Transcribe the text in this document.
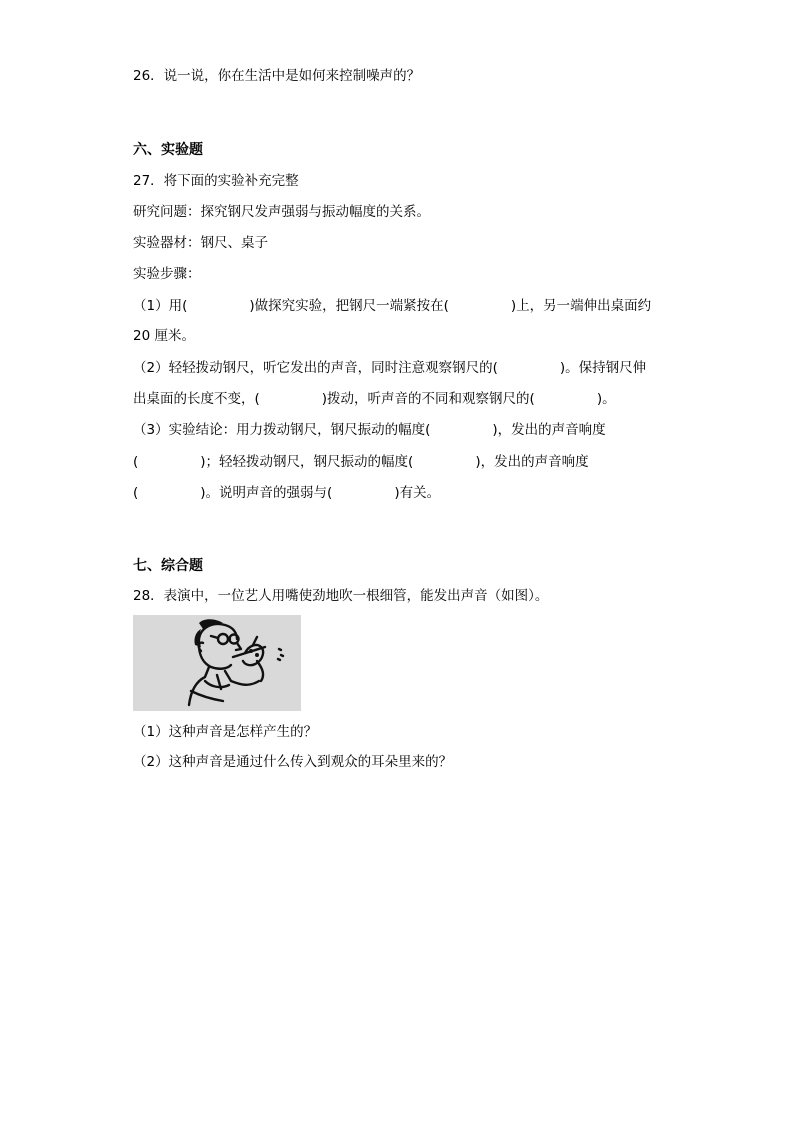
26．说一说，你在生活中是如何来控制噪声的？
六、实验题
27．将下面的实验补充完整
研究问题：探究钢尺发声强弱与振动幅度的关系。
实验器材：钢尺、桌子
实验步骤：
（1）用(	)做探究实验，把钢尺一端紧按在(	)上，另一端伸出桌面约
20 厘米。
（2）轻轻拨动钢尺，听它发出的声音，同时注意观察钢尺的(	)。保持钢尺伸
出桌面的长度不变，(	)拨动，听声音的不同和观察钢尺的(	)。
（3）实验结论：用力拨动钢尺，钢尺振动的幅度(	)，发出的声音响度
(	)；轻轻拨动钢尺，钢尺振动的幅度(	)，发出的声音响度
(	)。说明声音的强弱与(	)有关。
七、综合题
28．表演中，一位艺人用嘴使劲地吹一根细管，能发出声音（如图）。
（1）这种声音是怎样产生的？
（2）这种声音是通过什么传入到观众的耳朵里来的？
